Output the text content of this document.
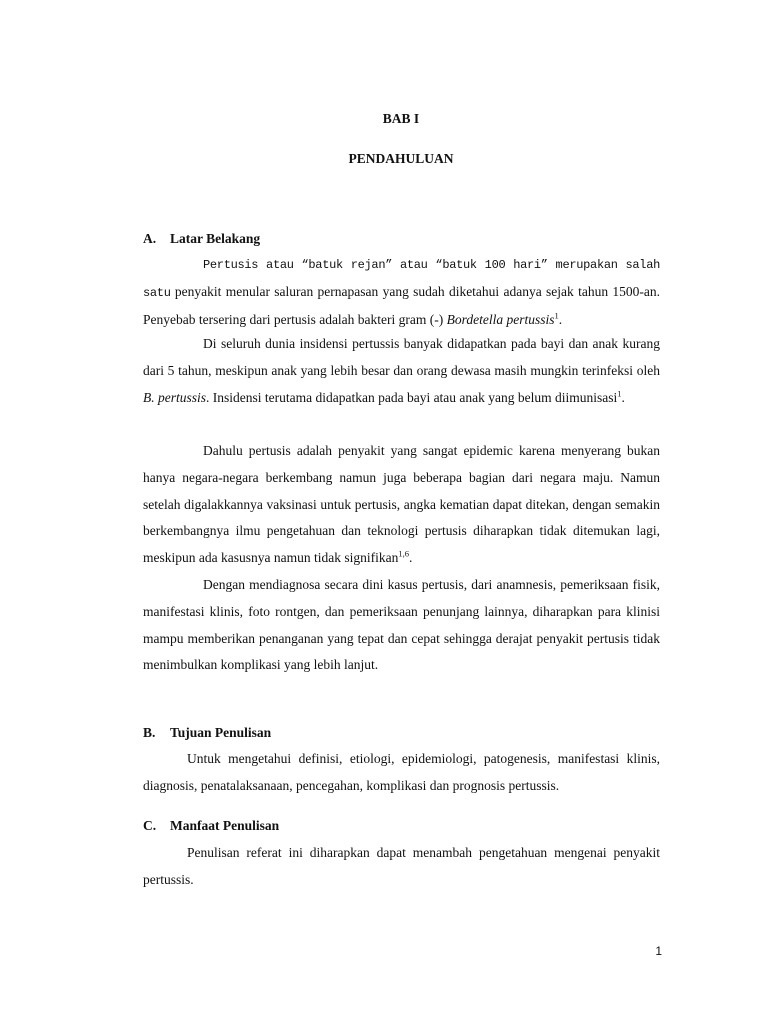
BAB I
PENDAHULUAN
A. Latar Belakang

Pertusis atau “batuk rejan” atau “batuk 100 hari” merupakan salah satu penyakit menular saluran pernapasan yang sudah diketahui adanya sejak tahun 1500-an. Penyebab tersering dari pertusis adalah bakteri gram (-) Bordetella pertussis$^1$.

Di seluruh dunia insidensi pertussis banyak didapatkan pada bayi dan anak kurang dari 5 tahun, meskipun anak yang lebih besar dan orang dewasa masih mungkin terinfeksi oleh B. pertussis. Insidensi terutama didapatkan pada bayi atau anak yang belum diimunisasi$^1$.

Dahulu pertusis adalah penyakit yang sangat epidemic karena menyerang bukan hanya negara-negara berkembang namun juga beberapa bagian dari negara maju. Namun setelah digalakkannya vaksinasi untuk pertusis, angka kematian dapat ditekan, dengan semakin berkembangnya ilmu pengetahuan dan teknologi pertusis diharapkan tidak ditemukan lagi, meskipun ada kasusnya namun tidak signifikan$^{1,6}$.

Dengan mendiagnosa secara dini kasus pertusis, dari anamnesis, pemeriksaan fisik, manifestasi klinis, foto rontgen, dan pemeriksaan penunjang lainnya, diharapkan para klinisi mampu memberikan penanganan yang tepat dan cepat sehingga derajat penyakit pertusis tidak menimbulkan komplikasi yang lebih lanjut.

B. Tujuan Penulisan

Untuk mengetahui definisi, etiologi, epidemiologi, patogenesis, manifestasi klinis, diagnosis, penatalaksanaan, pencegahan, komplikasi dan prognosis pertussis.

C. Manfaat Penulisan

Penulisan referat ini diharapkan dapat menambah pengetahuan mengenai penyakit pertussis.

1
